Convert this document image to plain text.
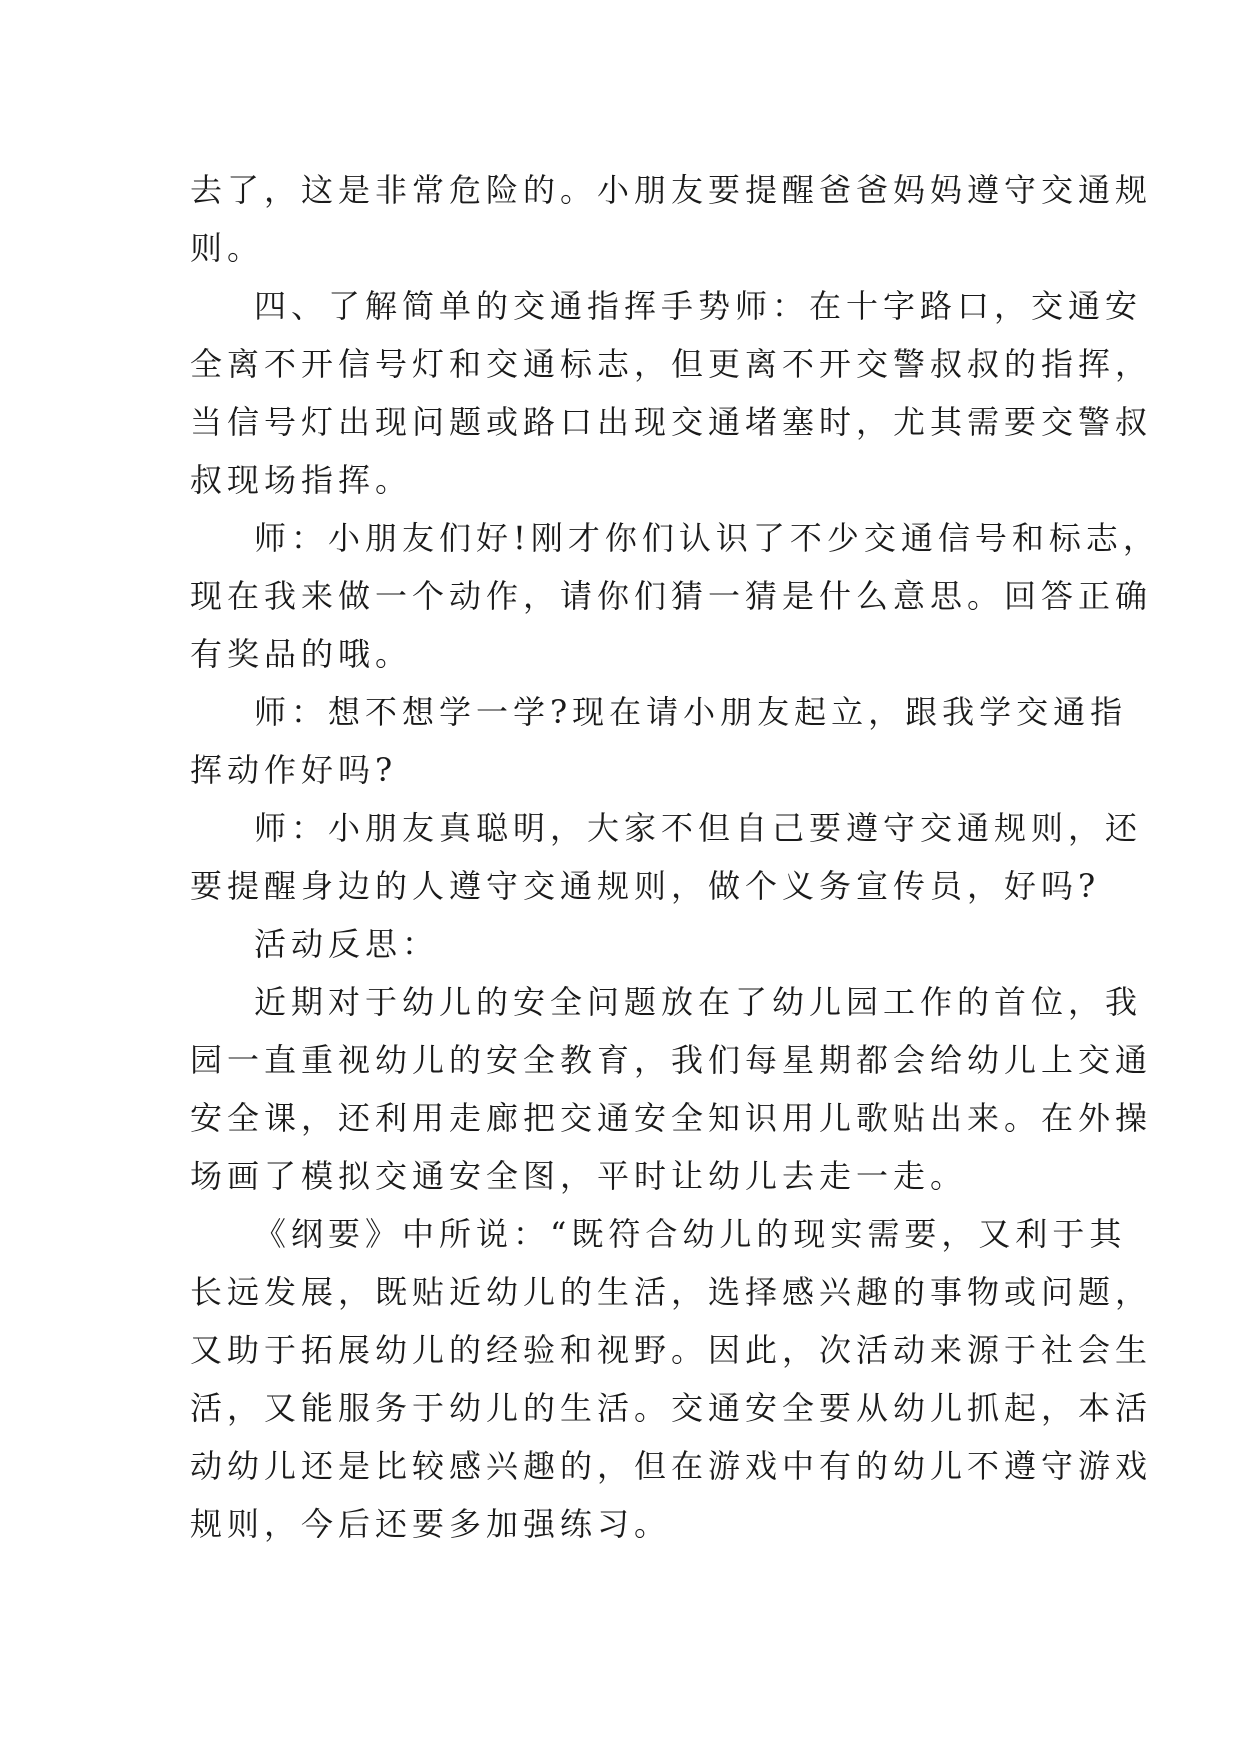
去了，这是非常危险的。小朋友要提醒爸爸妈妈遵守交通规
则。
四、了解简单的交通指挥手势师：在十字路口，交通安
全离不开信号灯和交通标志，但更离不开交警叔叔的指挥，
当信号灯出现问题或路口出现交通堵塞时，尤其需要交警叔
叔现场指挥。
师：小朋友们好!刚才你们认识了不少交通信号和标志，
现在我来做一个动作，请你们猜一猜是什么意思。回答正确
有奖品的哦。
师：想不想学一学?现在请小朋友起立，跟我学交通指
挥动作好吗?
师：小朋友真聪明，大家不但自己要遵守交通规则，还
要提醒身边的人遵守交通规则，做个义务宣传员，好吗?
活动反思：
近期对于幼儿的安全问题放在了幼儿园工作的首位，我
园一直重视幼儿的安全教育，我们每星期都会给幼儿上交通
安全课，还利用走廊把交通安全知识用儿歌贴出来。在外操
场画了模拟交通安全图，平时让幼儿去走一走。
《纲要》中所说：“既符合幼儿的现实需要，又利于其
长远发展，既贴近幼儿的生活，选择感兴趣的事物或问题，
又助于拓展幼儿的经验和视野。因此，次活动来源于社会生
活，又能服务于幼儿的生活。交通安全要从幼儿抓起，本活
动幼儿还是比较感兴趣的，但在游戏中有的幼儿不遵守游戏
规则，今后还要多加强练习。
